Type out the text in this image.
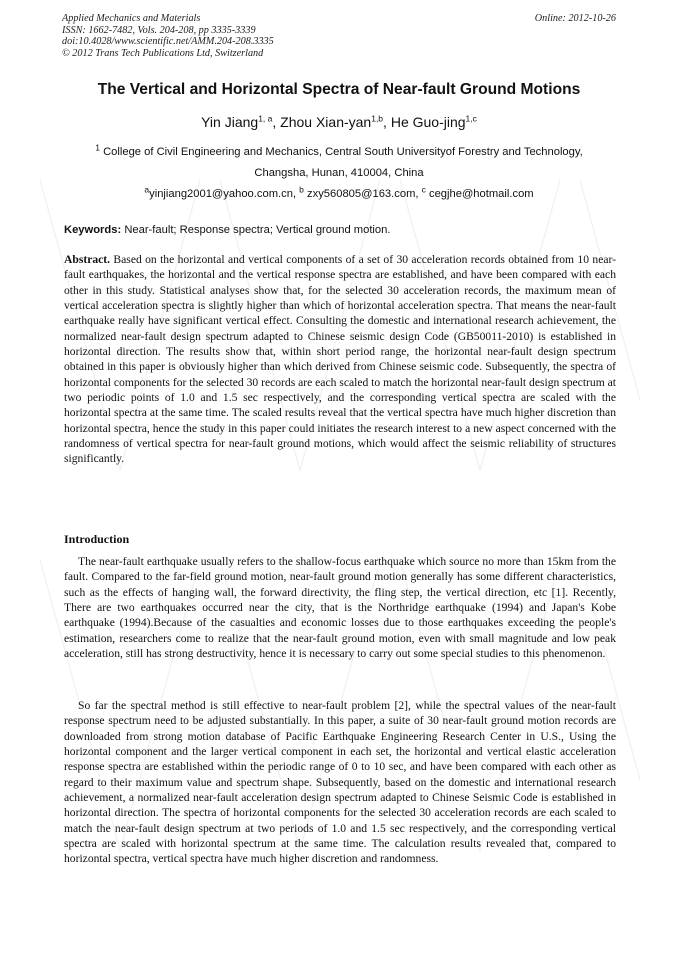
Applied Mechanics and Materials
ISSN: 1662-7482, Vols. 204-208, pp 3335-3339
doi:10.4028/www.scientific.net/AMM.204-208.3335
© 2012 Trans Tech Publications Ltd, Switzerland
Online: 2012-10-26
The Vertical and Horizontal Spectra of Near-fault Ground Motions
Yin Jiang$^{1, a}$, Zhou Xian-yan$^{1,b}$, He Guo-jing$^{1,c}$
$^1$ College of Civil Engineering and Mechanics, Central South Universityof Forestry and Technology,
Changsha, Hunan, 410004, China
$^a$yinjiang2001@yahoo.com.cn, $^b$ zxy560805@163.com, $^c$ cegjhe@hotmail.com
Keywords: Near-fault; Response spectra; Vertical ground motion.

Abstract. Based on the horizontal and vertical components of a set of 30 acceleration records obtained from 10 near-fault earthquakes, the horizontal and the vertical response spectra are established, and have been compared with each other in this study. Statistical analyses show that, for the selected 30 acceleration records, the maximum mean of vertical acceleration spectra is slightly higher than which of horizontal acceleration spectra. That means the near-fault earthquake really have significant vertical effect. Consulting the domestic and international research achievement, the normalized near-fault design spectrum adapted to Chinese seismic design Code (GB50011-2010) is established in horizontal direction. The results show that, within short period range, the horizontal near-fault design spectrum obtained in this paper is obviously higher than which derived from Chinese seismic code. Subsequently, the spectra of horizontal components for the selected 30 records are each scaled to match the horizontal near-fault design spectrum at two periodic points of 1.0 and 1.5 sec respectively, and the corresponding vertical spectra are scaled with the horizontal spectra at the same time. The scaled results reveal that the vertical spectra have much higher discretion than horizontal spectra, hence the study in this paper could initiates the research interest to a new aspect concerned with the randomness of vertical spectra for near-fault ground motions, which would affect the seismic reliability of structures significantly.

Introduction

The near-fault earthquake usually refers to the shallow-focus earthquake which source no more than 15km from the fault. Compared to the far-field ground motion, near-fault ground motion generally has some different characteristics, such as the effects of hanging wall, the forward directivity, the fling step, the vertical direction, etc [1]. Recently, There are two earthquakes occurred near the city, that is the Northridge earthquake (1994) and Japan's Kobe earthquake (1994).Because of the casualties and economic losses due to those earthquakes exceeding the people's estimation, researchers come to realize that the near-fault ground motion, even with small magnitude and low peak acceleration, still has strong destructivity, hence it is necessary to carry out some special studies to this phenomenon.

So far the spectral method is still effective to near-fault problem [2], while the spectral values of the near-fault response spectrum need to be adjusted substantially. In this paper, a suite of 30 near-fault ground motion records are downloaded from strong motion database of Pacific Earthquake Engineering Research Center in U.S., Using the horizontal component and the larger vertical component in each set, the horizontal and vertical elastic acceleration response spectra are established within the periodic range of 0 to 10 sec, and have been compared with each other as regard to their maximum value and spectrum shape. Subsequently, based on the domestic and international research achievement, a normalized near-fault acceleration design spectrum adapted to Chinese Seismic Code is established in horizontal direction. The spectra of horizontal components for the selected 30 acceleration records are each scaled to match the near-fault design spectrum at two periods of 1.0 and 1.5 sec respectively, and the corresponding vertical spectra are scaled with horizontal spectrum at the same time. The calculation results revealed that, compared to horizontal spectra, vertical spectra have much higher discretion and randomness.
